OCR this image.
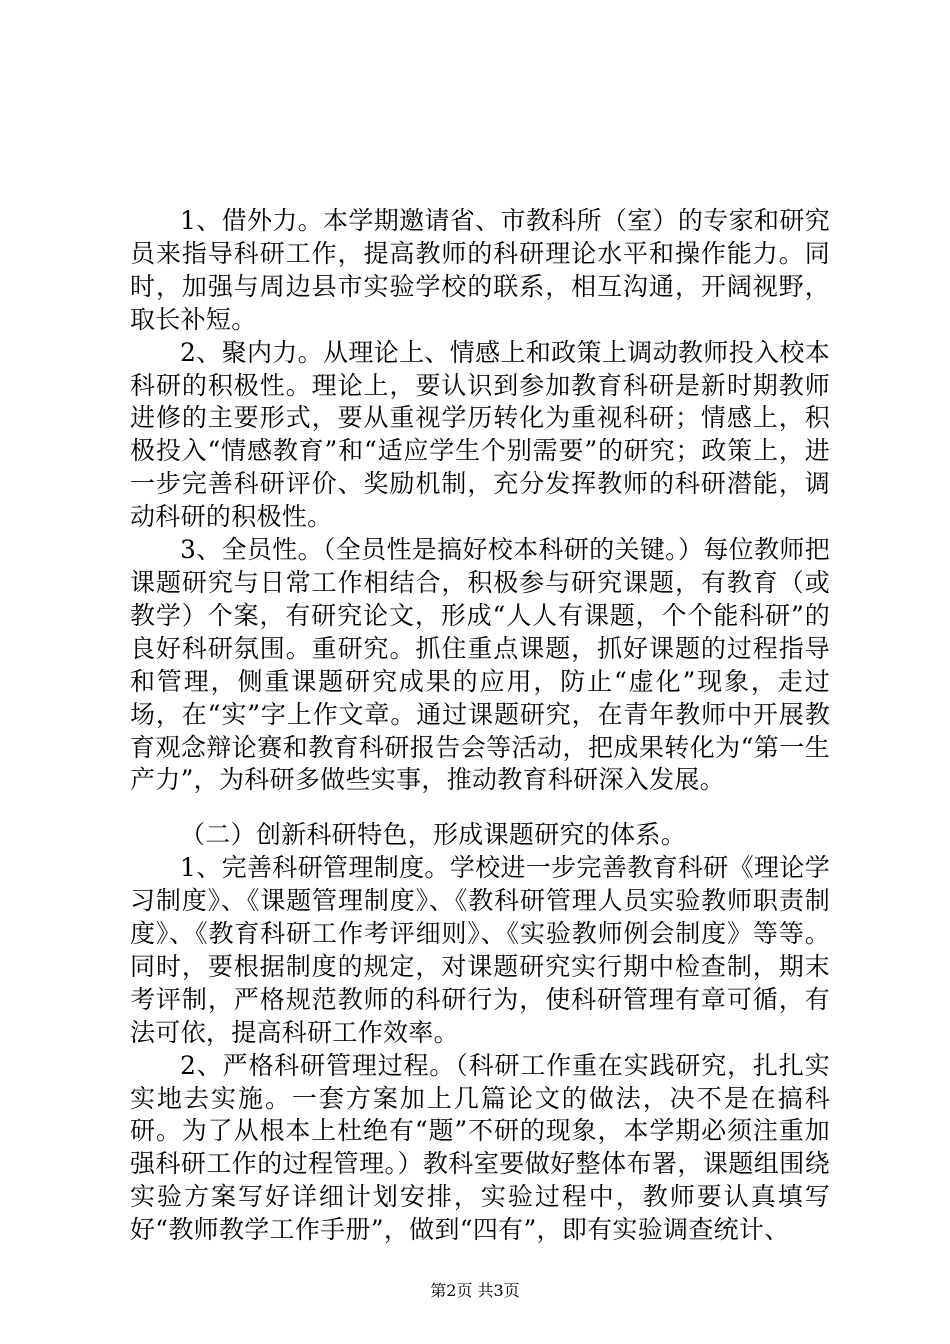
1、借外力。本学期邀请省、市教科所（室）的专家和研究员来指导科研工作，提高教师的科研理论水平和操作能力。同时，加强与周边县市实验学校的联系，相互沟通，开阔视野，取长补短。

2、聚内力。从理论上、情感上和政策上调动教师投入校本科研的积极性。理论上，要认识到参加教育科研是新时期教师进修的主要形式，要从重视学历转化为重视科研；情感上，积极投入“情感教育”和“适应学生个别需要”的研究；政策上，进一步完善科研评价、奖励机制，充分发挥教师的科研潜能，调动科研的积极性。

3、全员性。（全员性是搞好校本科研的关键。）每位教师把课题研究与日常工作相结合，积极参与研究课题，有教育（或教学）个案，有研究论文，形成“人人有课题，个个能科研”的良好科研氛围。重研究。抓住重点课题，抓好课题的过程指导和管理，侧重课题研究成果的应用，防止“虚化”现象，走过场，在“实”字上作文章。通过课题研究，在青年教师中开展教育观念辩论赛和教育科研报告会等活动，把成果转化为“第一生产力”，为科研多做些实事，推动教育科研深入发展。

（二）创新科研特色，形成课题研究的体系。

1、完善科研管理制度。学校进一步完善教育科研《理论学习制度》、《课题管理制度》、《教科研管理人员实验教师职责制度》、《教育科研工作考评细则》、《实验教师例会制度》等等。同时，要根据制度的规定，对课题研究实行期中检查制，期末考评制，严格规范教师的科研行为，使科研管理有章可循，有法可依，提高科研工作效率。

2、严格科研管理过程。（科研工作重在实践研究，扎扎实实地去实施。一套方案加上几篇论文的做法，决不是在搞科研。为了从根本上杜绝有“题”不研的现象，本学期必须注重加强科研工作的过程管理。）教科室要做好整体布署，课题组围绕实验方案写好详细计划安排，实验过程中，教师要认真填写好“教师教学工作手册”，做到“四有”，即有实验调查统计、

第2页 共3页
